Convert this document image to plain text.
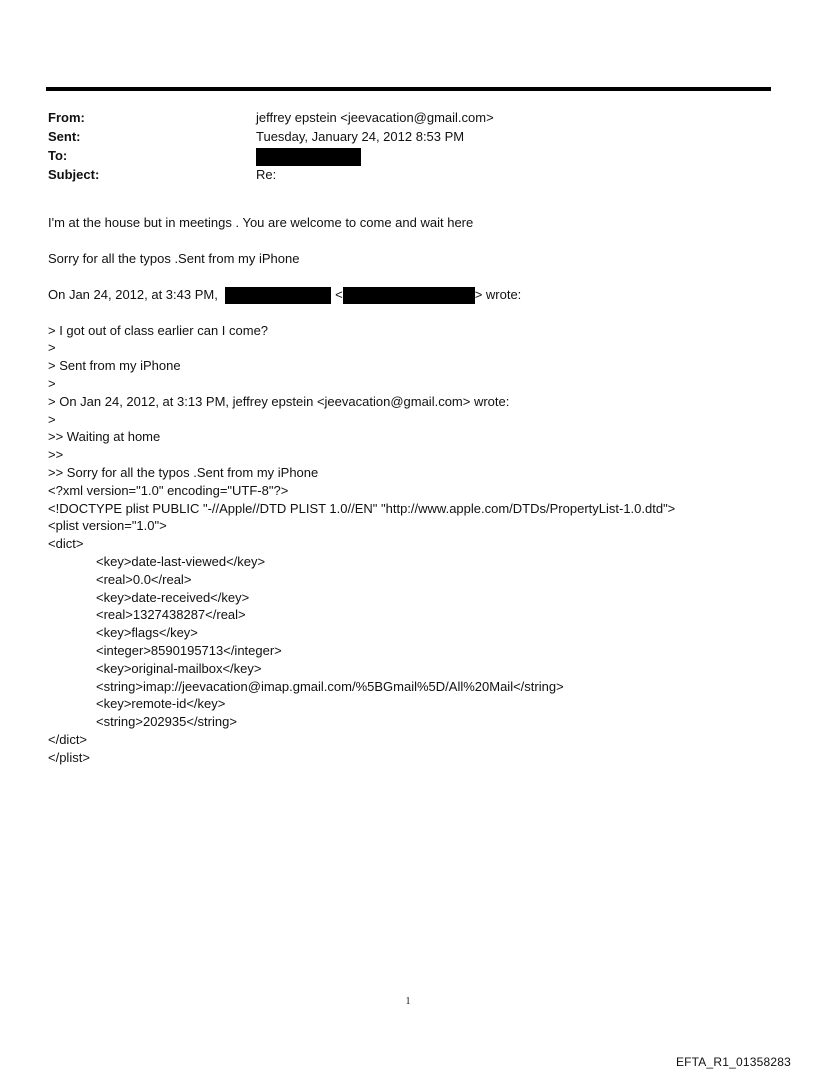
From:	jeffrey epstein <jeevacation@gmail.com>
Sent:	Tuesday, January 24, 2012 8:53 PM
To:
Subject:	Re:
I'm at the house but in meetings . You are welcome to come and wait here
Sorry for all the typos .Sent from my iPhone
On Jan 24, 2012, at 3:43 PM,	<	> wrote:
> I got out of class earlier can I come?
>
> Sent from my iPhone
>
> On Jan 24, 2012, at 3:13 PM, jeffrey epstein <jeevacation@gmail.com> wrote:
>
>> Waiting at home
>>
>> Sorry for all the typos .Sent from my iPhone
<?xml version="1.0" encoding="UTF-8"?>
<!DOCTYPE plist PUBLIC "-//Apple//DTD PLIST 1.0//EN" "http://www.apple.com/DTDs/PropertyList-1.0.dtd">
<plist version="1.0">
<dict>
<key>date-last-viewed</key>
<real>0.0</real>
<key>date-received</key>
<real>1327438287</real>
<key>flags</key>
<integer>8590195713</integer>
<key>original-mailbox</key>
<string>imap://jeevacation@imap.gmail.com/%5BGmail%5D/All%20Mail</string>
<key>remote-id</key>
<string>202935</string>
</dict>
</plist>
1
EFTA_R1_01358283
